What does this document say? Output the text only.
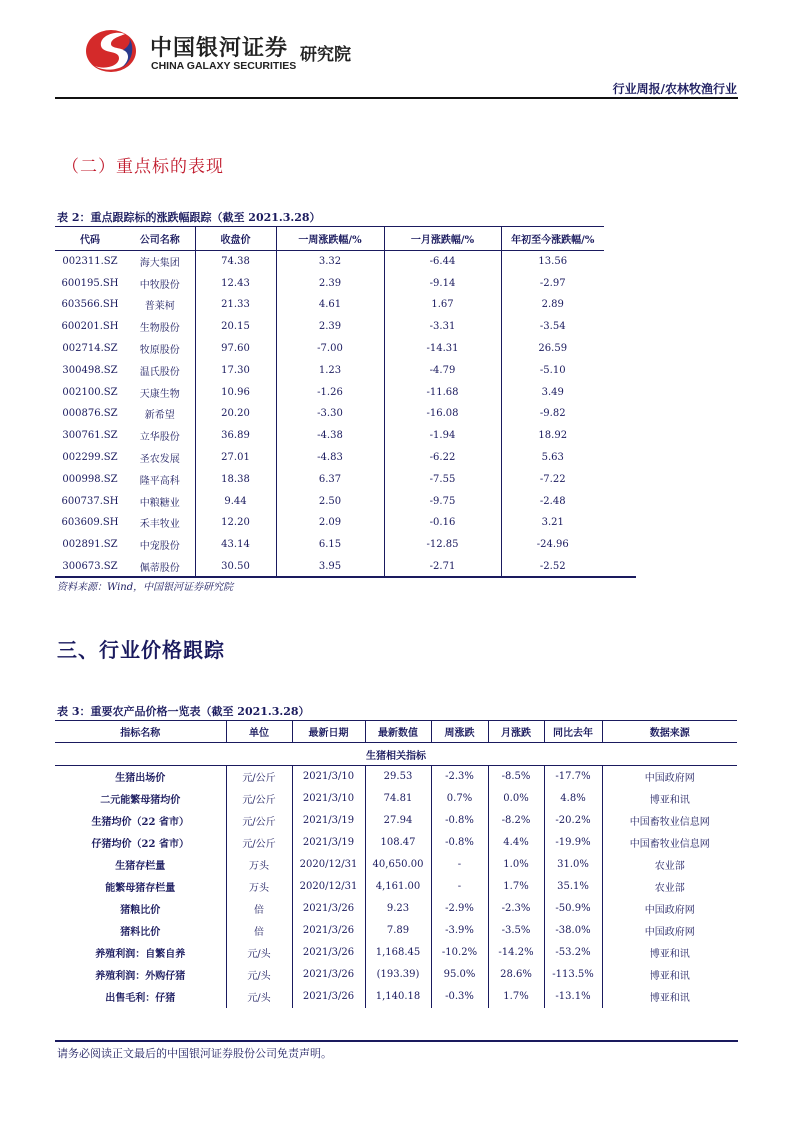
中国银河证券
CHINA GALAXY SECURITIES
研究院
行业周报/农林牧渔行业
（二）重点标的表现
表 2：重点跟踪标的涨跌幅跟踪（截至 2021.3.28）
代码	公司名称	收盘价	一周涨跌幅/%	一月涨跌幅/%	年初至今涨跌幅/%
002311.SZ	海大集团	74.38	3.32	-6.44	13.56
600195.SH	中牧股份	12.43	2.39	-9.14	-2.97
603566.SH	普莱柯	21.33	4.61	1.67	2.89
600201.SH	生物股份	20.15	2.39	-3.31	-3.54
002714.SZ	牧原股份	97.60	-7.00	-14.31	26.59
300498.SZ	温氏股份	17.30	1.23	-4.79	-5.10
002100.SZ	天康生物	10.96	-1.26	-11.68	3.49
000876.SZ	新希望	20.20	-3.30	-16.08	-9.82
300761.SZ	立华股份	36.89	-4.38	-1.94	18.92
002299.SZ	圣农发展	27.01	-4.83	-6.22	5.63
000998.SZ	隆平高科	18.38	6.37	-7.55	-7.22
600737.SH	中粮糖业	9.44	2.50	-9.75	-2.48
603609.SH	禾丰牧业	12.20	2.09	-0.16	3.21
002891.SZ	中宠股份	43.14	6.15	-12.85	-24.96
300673.SZ	佩蒂股份	30.50	3.95	-2.71	-2.52
资料来源：Wind，中国银河证券研究院
三、行业价格跟踪
表 3：重要农产品价格一览表（截至 2021.3.28）
指标名称	单位	最新日期	最新数值	周涨跌	月涨跌	同比去年	数据来源
生猪相关指标							
生猪出场价	元/公斤	2021/3/10	29.53	-2.3%	-8.5%	-17.7%	中国政府网
二元能繁母猪均价	元/公斤	2021/3/10	74.81	0.7%	0.0%	4.8%	博亚和讯
生猪均价（22 省市）	元/公斤	2021/3/19	27.94	-0.8%	-8.2%	-20.2%	中国畜牧业信息网
仔猪均价（22 省市）	元/公斤	2021/3/19	108.47	-0.8%	4.4%	-19.9%	中国畜牧业信息网
生猪存栏量	万头	2020/12/31	40,650.00	-	1.0%	31.0%	农业部
能繁母猪存栏量	万头	2020/12/31	4,161.00	-	1.7%	35.1%	农业部
猪粮比价	倍	2021/3/26	9.23	-2.9%	-2.3%	-50.9%	中国政府网
猪料比价	倍	2021/3/26	7.89	-3.9%	-3.5%	-38.0%	中国政府网
养殖利润：自繁自养	元/头	2021/3/26	1,168.45	-10.2%	-14.2%	-53.2%	博亚和讯
养殖利润：外购仔猪	元/头	2021/3/26	(193.39)	95.0%	28.6%	-113.5%	博亚和讯
出售毛利：仔猪	元/头	2021/3/26	1,140.18	-0.3%	1.7%	-13.1%	博亚和讯
请务必阅读正文最后的中国银河证券股份公司免责声明。
